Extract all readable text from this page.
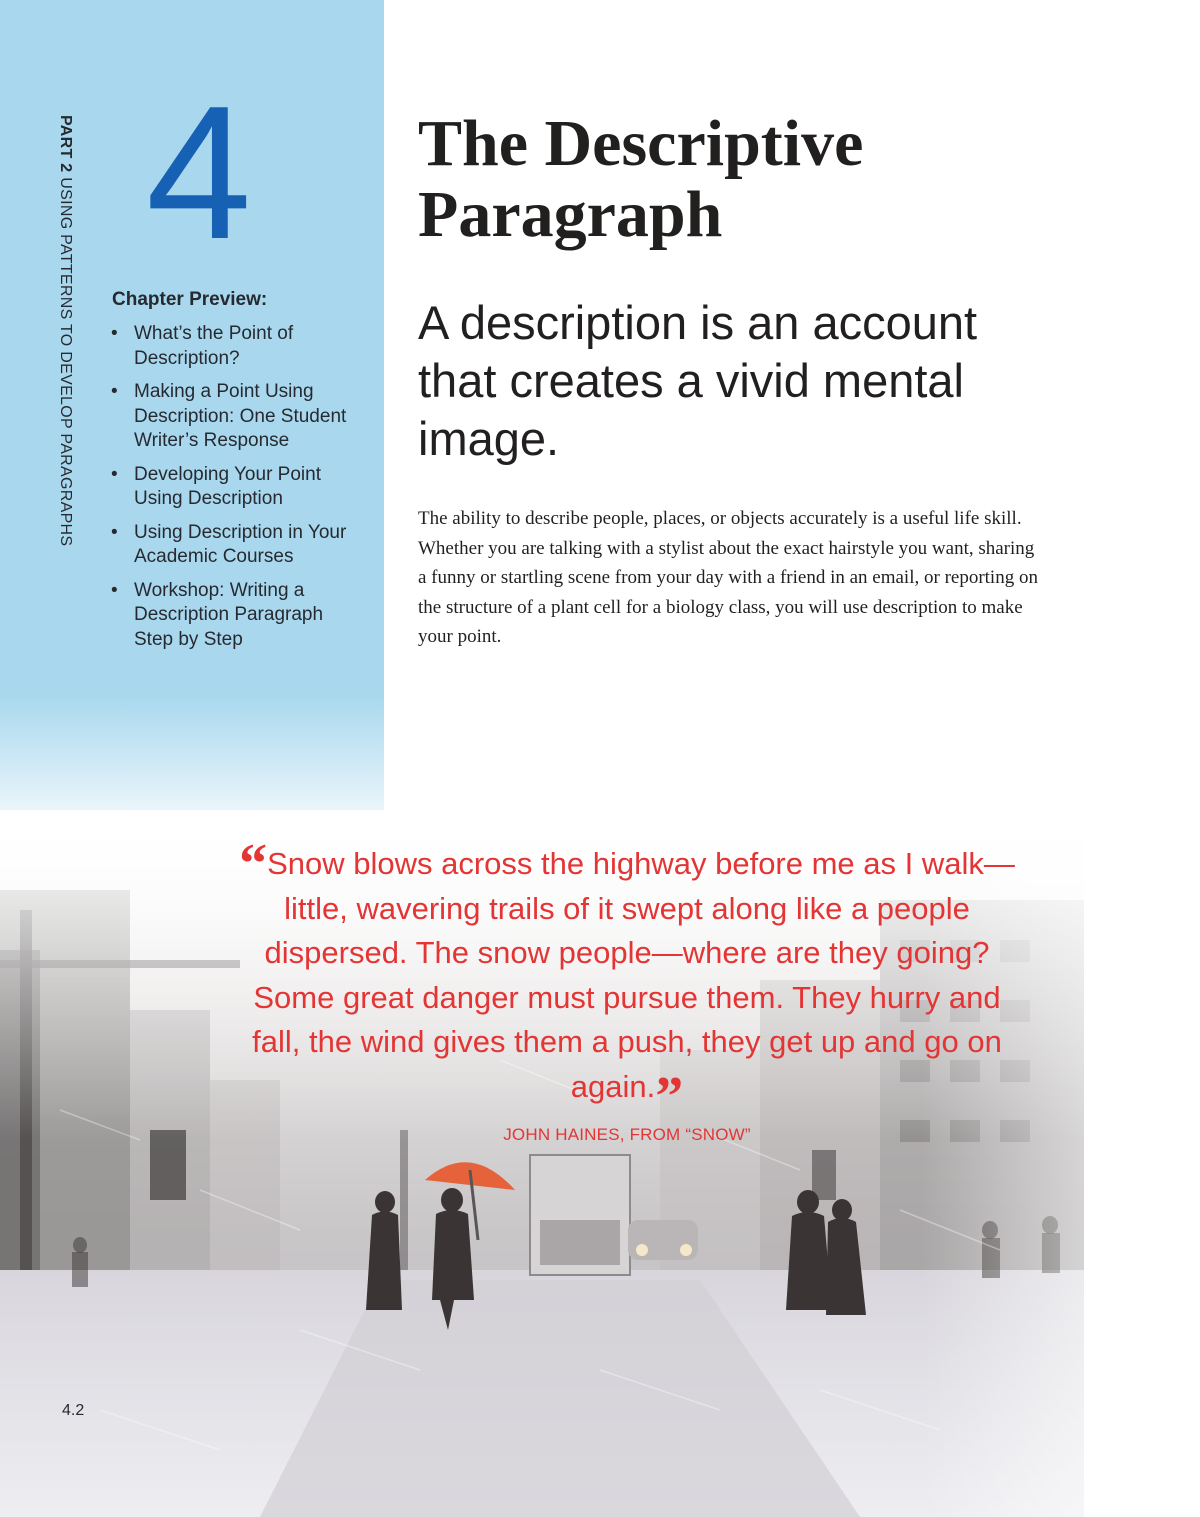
PART 2 USING PATTERNS TO DEVELOP PARAGRAPHS
4
Chapter Preview:
• What’s the Point of Description?
• Making a Point Using Description: One Student Writer’s Response
• Developing Your Point Using Description
• Using Description in Your Academic Courses
• Workshop: Writing a Description Paragraph Step by Step
The Descriptive
Paragraph
A description is an account that creates a vivid mental image.
The ability to describe people, places, or objects accurately is a useful life skill. Whether you are talking with a stylist about the exact hairstyle you want, sharing a funny or startling scene from your day with a friend in an email, or reporting on the structure of a plant cell for a biology class, you will use description to make your point.
“Snow blows across the highway before me as I walk—little, wavering trails of it swept along like a people dispersed. The snow people—where are they going? Some great danger must pursue them. They hurry and fall, the wind gives them a push, they get up and go on again.”
JOHN HAINES, FROM “SNOW”
4.2
